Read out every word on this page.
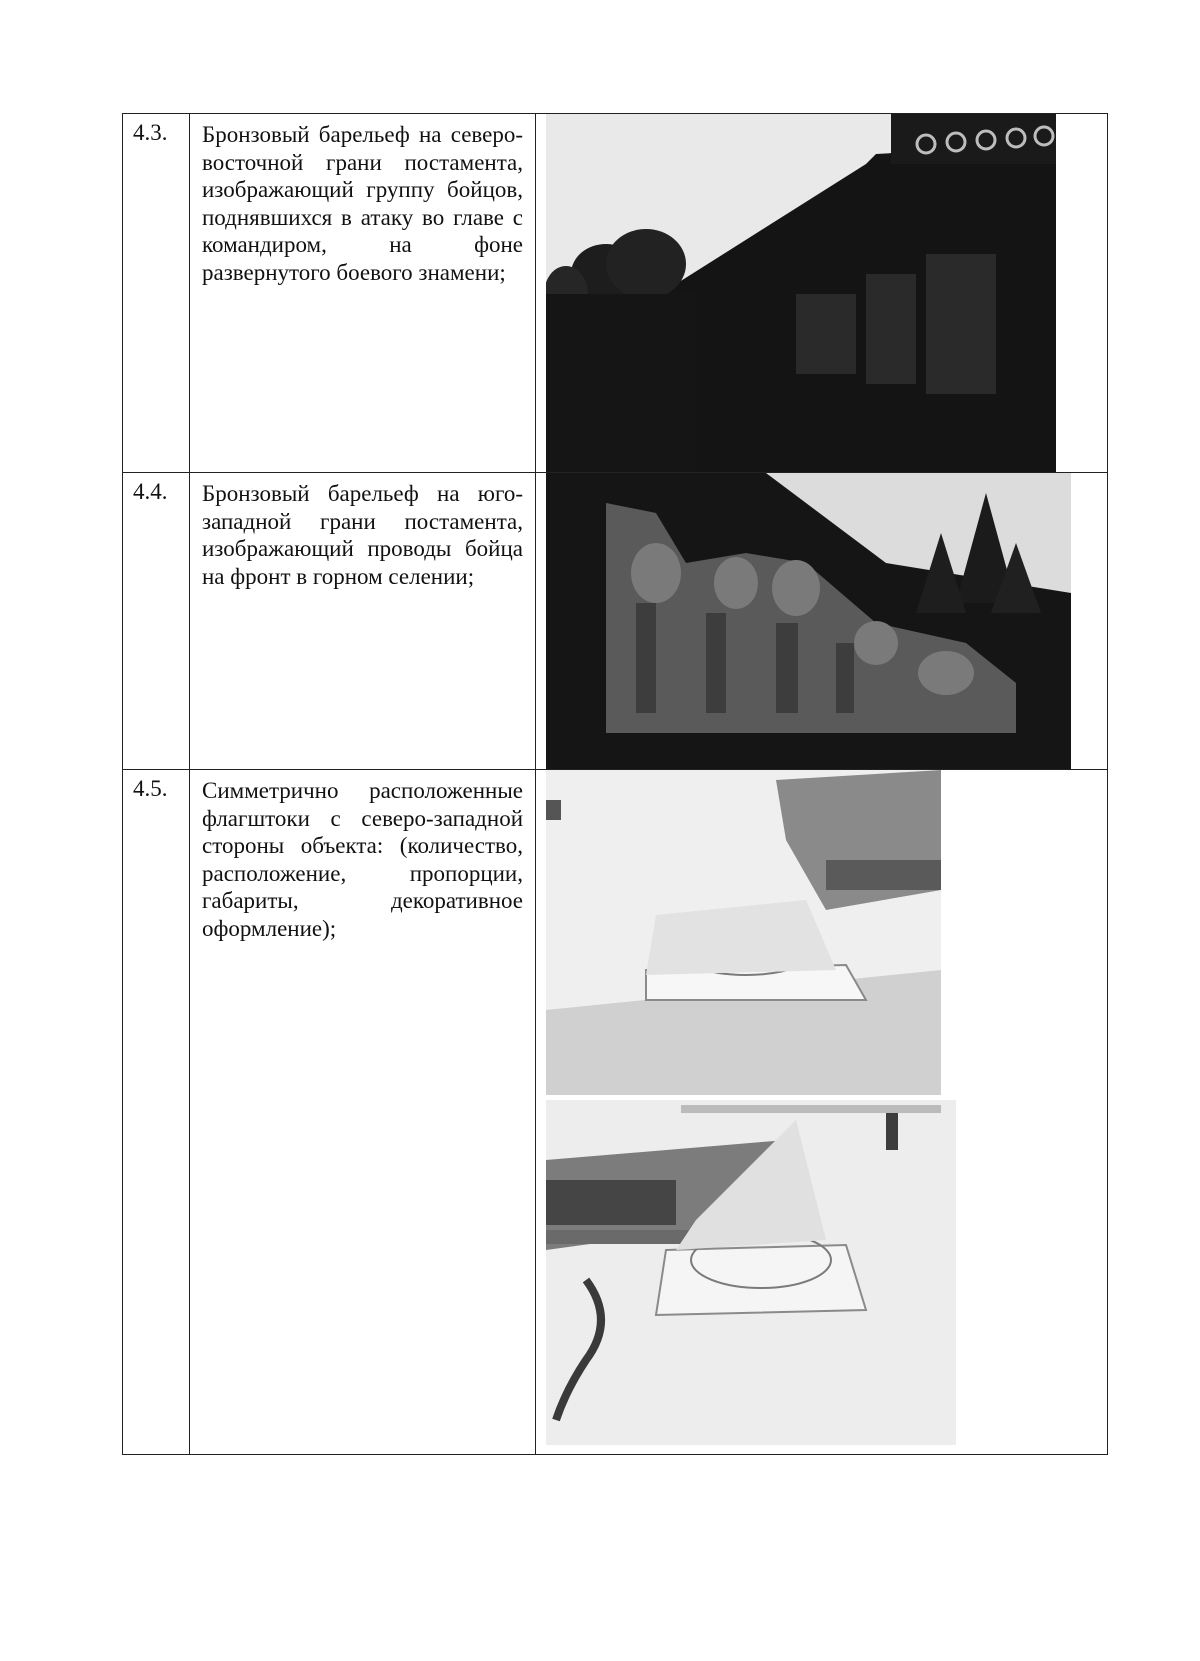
4.3.	Бронзовый барельеф на северо-восточной грани постамента, изображающий группу бойцов, поднявшихся в атаку во главе с командиром, на фоне развернутого боевого знамени;	

4.4.	Бронзовый барельеф на юго-западной грани постамента, изображающий проводы бойца на фронт в горном селении;	

4.5.	Симметрично расположенные флагштоки с северо-западной стороны объекта: (количество, расположение, пропорции, габариты, декоративное оформление);	
